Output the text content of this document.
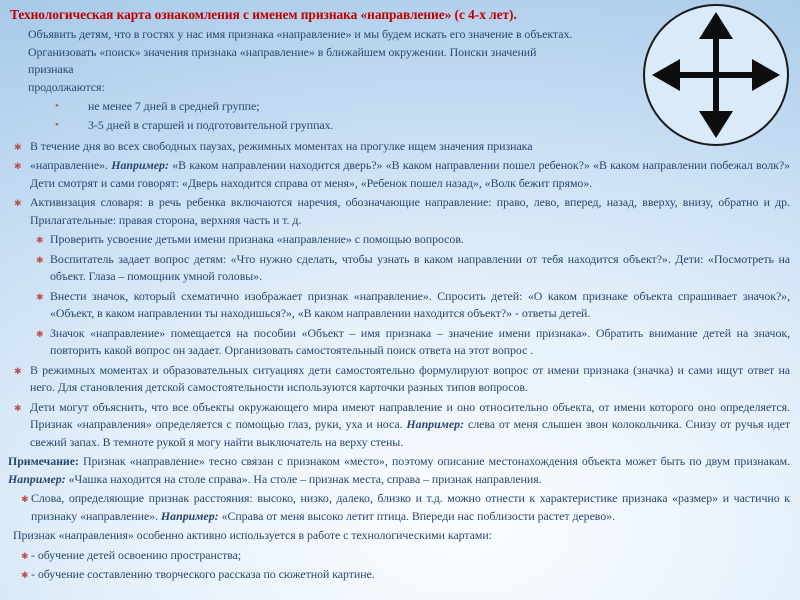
Технологическая карта ознакомления с именем признака «направление» (с 4-х лет).
Объявить детям, что в гостях у нас имя признака «направление» и мы будем искать его значение в объектах.
Организовать «поиск» значения признака «направление» в ближайшем окружении. Поиски значений
признака
продолжаются:
• не менее 7 дней в средней группе;
• 3-5 дней в старшей и подготовительной группах.
✱ В течение дня во всех свободных паузах, режимных моментах на прогулке ищем значения признака
✱ «направление». Например: «В каком направлении находится дверь?» «В каком направлении пошел ребенок?» «В каком направлении побежал волк?» Дети смотрят и сами говорят: «Дверь находится справа от меня», «Ребенок пошел назад», «Волк бежит прямо».
✱ Активизация словаря: в речь ребенка включаются наречия, обозначающие направление: право, лево, вперед, назад, вверху, внизу, обратно и др. Прилагательные: правая сторона, верхняя часть и т. д.
✱ Проверить усвоение детьми имени признака «направление» с помощью вопросов.
✱ Воспитатель задает вопрос детям: «Что нужно сделать, чтобы узнать в каком направлении от тебя находится объект?». Дети: «Посмотреть на объект. Глаза – помощник умной головы».
✱ Внести значок, который схематично изображает признак «направление». Спросить детей: «О каком признаке объекта спрашивает значок?», «Объект, в каком направлении ты находишься?», «В каком направлении находится объект?» - ответы детей.
✱ Значок «направление» помещается на пособии «Объект – имя признака – значение имени признака». Обратить внимание детей на значок, повторить какой вопрос он задает. Организовать самостоятельный поиск ответа на этот вопрос .
✱ В режимных моментах и образовательных ситуациях дети самостоятельно формулируют вопрос от имени признака (значка) и сами ищут ответ на него. Для становления детской самостоятельности используются карточки разных типов вопросов.
✱ Дети могут объяснить, что все объекты окружающего мира имеют направление и оно относительно объекта, от имени которого оно определяется. Признак «направления» определяется с помощью глаз, руки, уха и носа. Например: слева от меня слышен звон колокольчика. Снизу от ручья идет свежий запах. В темноте рукой я могу найти выключатель на верху стены.
Примечание: Признак «направление» тесно связан с признаком «место», поэтому описание местонахождения объекта может быть по двум признакам. Например: «Чашка находится на столе справа». На столе – признак места, справа – признак направления.
✱ Слова, определяющие признак расстояния: высоко, низко, далеко, близко и т.д. можно отнести к характеристике признака «размер» и частично к признаку «направление». Например: «Справа от меня высоко летит птица. Впереди нас поблизости растет дерево».
Признак «направления» особенно активно используется в работе с технологическими картами:
✱ - обучение детей освоению пространства;
✱ - обучение составлению творческого рассказа по сюжетной картине.
